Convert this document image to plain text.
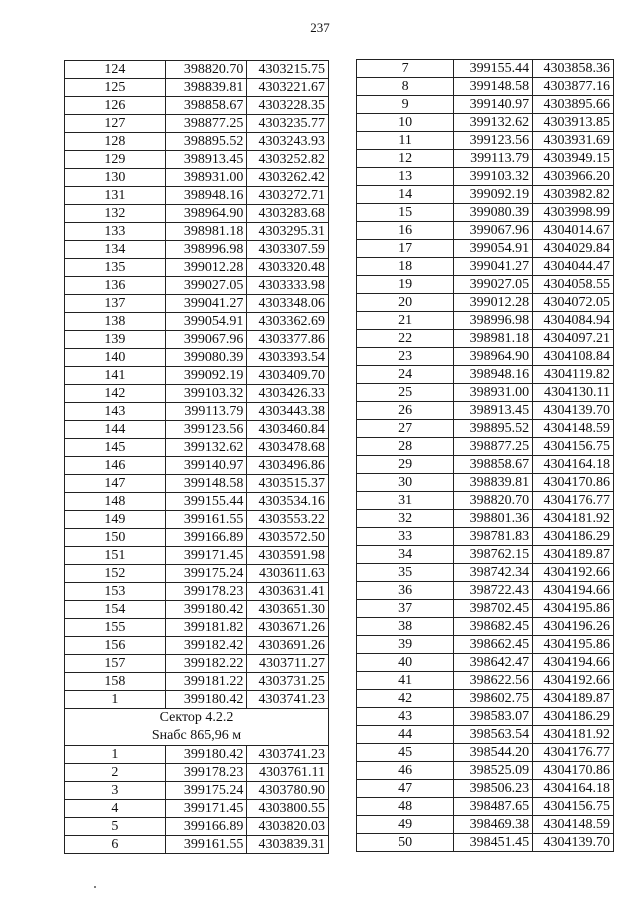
237
124	398820.70	4303215.75
125	398839.81	4303221.67
126	398858.67	4303228.35
127	398877.25	4303235.77
128	398895.52	4303243.93
129	398913.45	4303252.82
130	398931.00	4303262.42
131	398948.16	4303272.71
132	398964.90	4303283.68
133	398981.18	4303295.31
134	398996.98	4303307.59
135	399012.28	4303320.48
136	399027.05	4303333.98
137	399041.27	4303348.06
138	399054.91	4303362.69
139	399067.96	4303377.86
140	399080.39	4303393.54
141	399092.19	4303409.70
142	399103.32	4303426.33
143	399113.79	4303443.38
144	399123.56	4303460.84
145	399132.62	4303478.68
146	399140.97	4303496.86
147	399148.58	4303515.37
148	399155.44	4303534.16
149	399161.55	4303553.22
150	399166.89	4303572.50
151	399171.45	4303591.98
152	399175.24	4303611.63
153	399178.23	4303631.41
154	399180.42	4303651.30
155	399181.82	4303671.26
156	399182.42	4303691.26
157	399182.22	4303711.27
158	399181.22	4303731.25
1	399180.42	4303741.23

Сектор 4.2.2
Sнабс 865,96 м		

1	399180.42	4303741.23
2	399178.23	4303761.11
3	399175.24	4303780.90
4	399171.45	4303800.55
5	399166.89	4303820.03
6	399161.55	4303839.31
7	399155.44	4303858.36
8	399148.58	4303877.16
9	399140.97	4303895.66
10	399132.62	4303913.85
11	399123.56	4303931.69
12	399113.79	4303949.15
13	399103.32	4303966.20
14	399092.19	4303982.82
15	399080.39	4303998.99
16	399067.96	4304014.67
17	399054.91	4304029.84
18	399041.27	4304044.47
19	399027.05	4304058.55
20	399012.28	4304072.05
21	398996.98	4304084.94
22	398981.18	4304097.21
23	398964.90	4304108.84
24	398948.16	4304119.82
25	398931.00	4304130.11
26	398913.45	4304139.70
27	398895.52	4304148.59
28	398877.25	4304156.75
29	398858.67	4304164.18
30	398839.81	4304170.86
31	398820.70	4304176.77
32	398801.36	4304181.92
33	398781.83	4304186.29
34	398762.15	4304189.87
35	398742.34	4304192.66
36	398722.43	4304194.66
37	398702.45	4304195.86
38	398682.45	4304196.26
39	398662.45	4304195.86
40	398642.47	4304194.66
41	398622.56	4304192.66
42	398602.75	4304189.87
43	398583.07	4304186.29
44	398563.54	4304181.92
45	398544.20	4304176.77
46	398525.09	4304170.86
47	398506.23	4304164.18
48	398487.65	4304156.75
49	398469.38	4304148.59
50	398451.45	4304139.70
